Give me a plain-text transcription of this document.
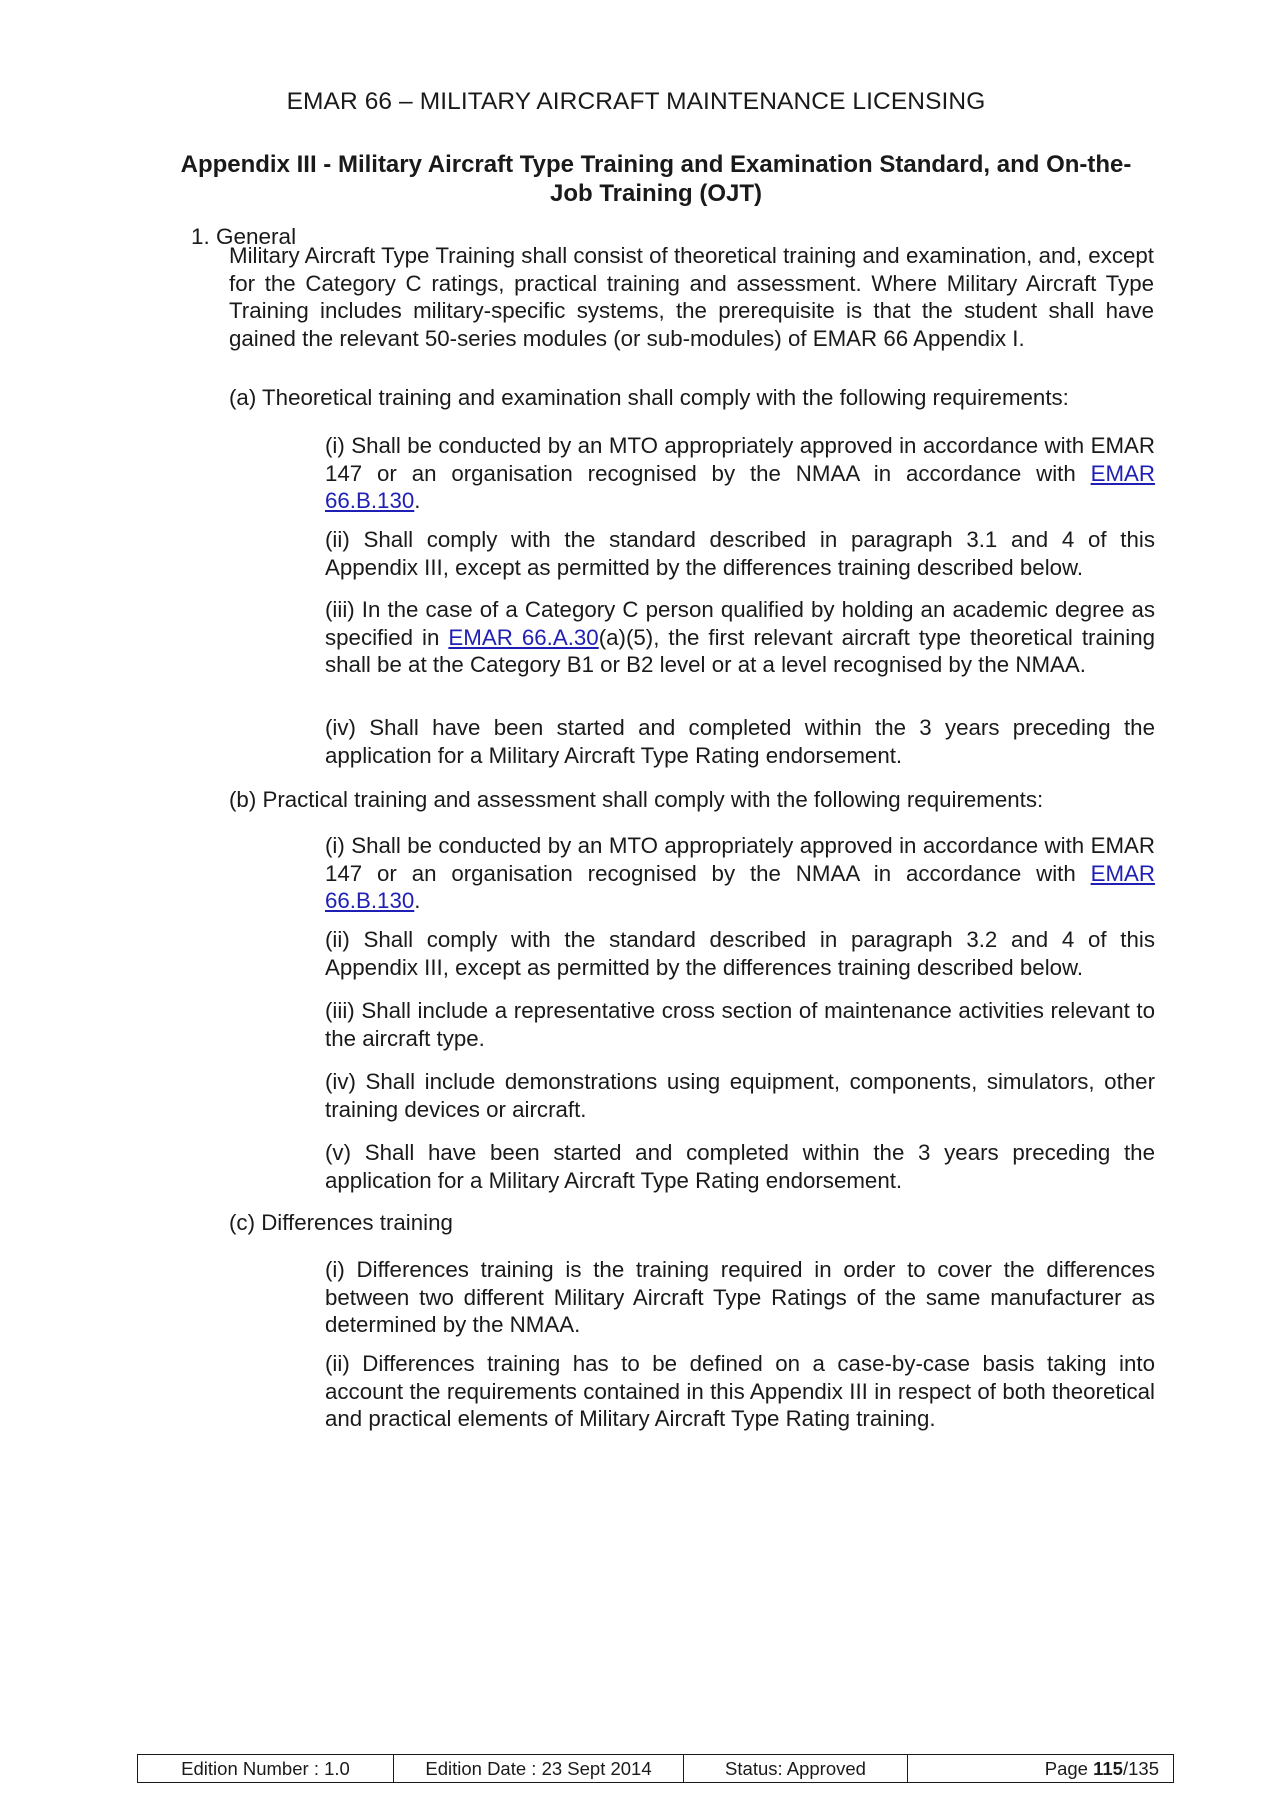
EMAR 66 – MILITARY AIRCRAFT MAINTENANCE LICENSING
Appendix III - Military Aircraft Type Training and Examination Standard, and On-the-Job Training (OJT)
1. General

Military Aircraft Type Training shall consist of theoretical training and examination, and, except for the Category C ratings, practical training and assessment. Where Military Aircraft Type Training includes military-specific systems, the prerequisite is that the student shall have gained the relevant 50-series modules (or sub-modules) of EMAR 66 Appendix I.

(a) Theoretical training and examination shall comply with the following requirements:

(i) Shall be conducted by an MTO appropriately approved in accordance with EMAR 147 or an organisation recognised by the NMAA in accordance with EMAR 66.B.130.

(ii) Shall comply with the standard described in paragraph 3.1 and 4 of this Appendix III, except as permitted by the differences training described below.

(iii) In the case of a Category C person qualified by holding an academic degree as specified in EMAR 66.A.30(a)(5), the first relevant aircraft type theoretical training shall be at the Category B1 or B2 level or at a level recognised by the NMAA.

(iv) Shall have been started and completed within the 3 years preceding the application for a Military Aircraft Type Rating endorsement.

(b) Practical training and assessment shall comply with the following requirements:

(i) Shall be conducted by an MTO appropriately approved in accordance with EMAR 147 or an organisation recognised by the NMAA in accordance with EMAR 66.B.130.

(ii) Shall comply with the standard described in paragraph 3.2 and 4 of this Appendix III, except as permitted by the differences training described below.

(iii) Shall include a representative cross section of maintenance activities relevant to the aircraft type.

(iv) Shall include demonstrations using equipment, components, simulators, other training devices or aircraft.

(v) Shall have been started and completed within the 3 years preceding the application for a Military Aircraft Type Rating endorsement.

(c) Differences training

(i) Differences training is the training required in order to cover the differences between two different Military Aircraft Type Ratings of the same manufacturer as determined by the NMAA.

(ii) Differences training has to be defined on a case-by-case basis taking into account the requirements contained in this Appendix III in respect of both theoretical and practical elements of Military Aircraft Type Rating training.

Edition Number : 1.0	Edition Date : 23 Sept 2014	Status: Approved	Page 115 /135
